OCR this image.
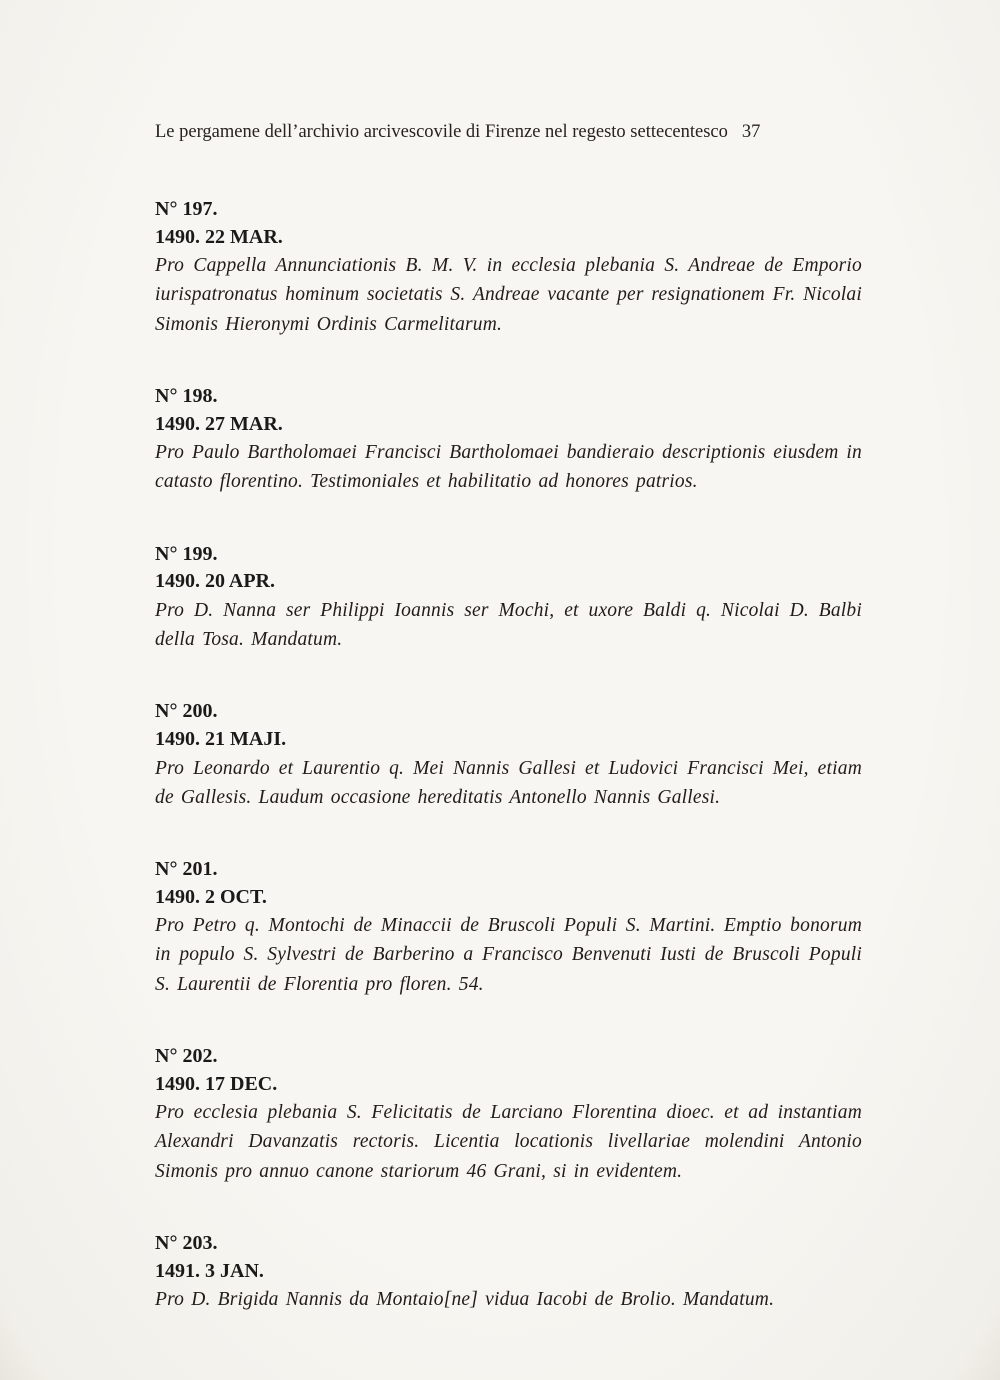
Le pergamene dell’archivio arcivescovile di Firenze nel regesto settecentesco 37
N° 197.
1490. 22 MAR.
Pro Cappella Annunciationis B. M. V. in ecclesia plebania S. Andreae de Emporio iurispatronatus hominum societatis S. Andreae vacante per resignationem Fr. Nicolai Simonis Hieronymi Ordinis Carmelitarum.
N° 198.
1490. 27 MAR.
Pro Paulo Bartholomaei Francisci Bartholomaei bandieraio descriptionis eiusdem in catasto florentino. Testimoniales et habilitatio ad honores patrios.
N° 199.
1490. 20 APR.
Pro D. Nanna ser Philippi Ioannis ser Mochi, et uxore Baldi q. Nicolai D. Balbi della Tosa. Mandatum.
N° 200.
1490. 21 MAJI.
Pro Leonardo et Laurentio q. Mei Nannis Gallesi et Ludovici Francisci Mei, etiam de Gallesis. Laudum occasione hereditatis Antonello Nannis Gallesi.
N° 201.
1490. 2 OCT.
Pro Petro q. Montochi de Minaccii de Bruscoli Populi S. Martini. Emptio bonorum in populo S. Sylvestri de Barberino a Francisco Benvenuti Iusti de Bruscoli Populi S. Laurentii de Florentia pro floren. 54.
N° 202.
1490. 17 DEC.
Pro ecclesia plebania S. Felicitatis de Larciano Florentina dioec. et ad instantiam Alexandri Davanzatis rectoris. Licentia locationis livellariae molendini Antonio Simonis pro annuo canone stariorum 46 Grani, si in evidentem.
N° 203.
1491. 3 JAN.
Pro D. Brigida Nannis da Montaio[ne] vidua Iacobi de Brolio. Mandatum.
